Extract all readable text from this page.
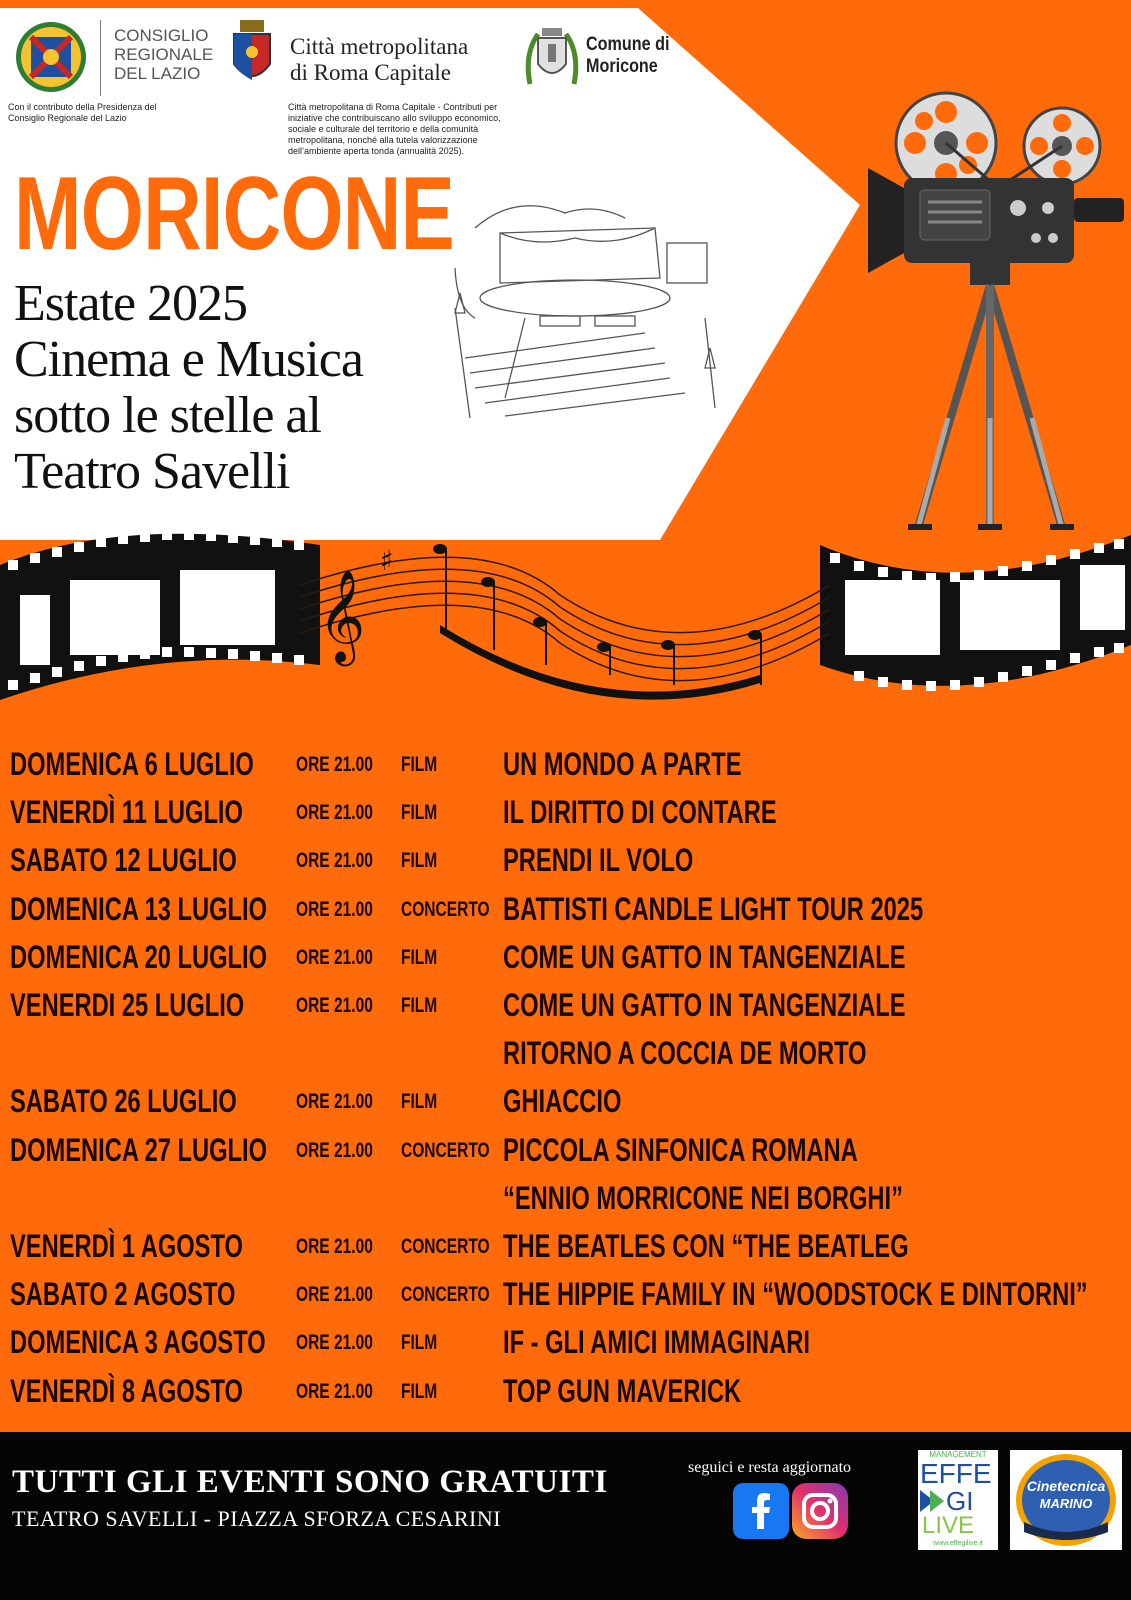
CONSIGLIO
REGIONALE
DEL LAZIO
Con il contributo della Presidenza del
Consiglio Regionale del Lazio
Città metropolitana
di Roma Capitale
Città metropolitana di Roma Capitale - Contributi per
iniziative che contribuiscano allo sviluppo economico,
sociale e culturale del territorio e della comunità
metropolitana, nonché alla tutela valorizzazione
dell’ambiente aperta tonda (annualità 2025).
Comune di
Moricone
MORICONE
Estate 2025
Cinema e Musica
sotto le stelle al
Teatro Savelli
𝄞
♯
DOMENICA 6 LUGLIO ORE 21.00 FILM UN MONDO A PARTE
VENERDÌ 11 LUGLIO	ORE 21.00 FILM IL DIRITTO DI CONTARE
SABATO 12 LUGLIO	ORE 21.00 FILM PRENDI IL VOLO
DOMENICA 13 LUGLIO ORE 21.00 CONCERTO BATTISTI CANDLE LIGHT TOUR 2025
DOMENICA 20 LUGLIO ORE 21.00 FILM COME UN GATTO IN TANGENZIALE
VENERDI 25 LUGLIO ORE 21.00 FILM COME UN GATTO IN TANGENZIALE
RITORNO A COCCIA DE MORTO
SABATO 26 LUGLIO	ORE 21.00 FILM GHIACCIO
DOMENICA 27 LUGLIO ORE 21.00 CONCERTO PICCOLA SINFONICA ROMANA
“ENNIO MORRICONE NEI BORGHI”
VENERDÌ 1 AGOSTO	ORE 21.00 CONCERTO THE BEATLES CON “THE BEATLEG
SABATO 2 AGOSTO	ORE 21.00 CONCERTO THE HIPPIE FAMILY IN “WOODSTOCK E DINTORNI”
DOMENICA 3 AGOSTO ORE 21.00 FILM IF - GLI AMICI IMMAGINARI
VENERDÌ 8 AGOSTO	ORE 21.00 FILM TOP GUN MAVERICK
TUTTI GLI EVENTI SONO GRATUITI
TEATRO SAVELLI - PIAZZA SFORZA CESARINI
seguici e resta aggiornato
MANAGEMENT
EFFE
GI
LIVE
www.effegilive.it
Cinetecnica
MARINO
